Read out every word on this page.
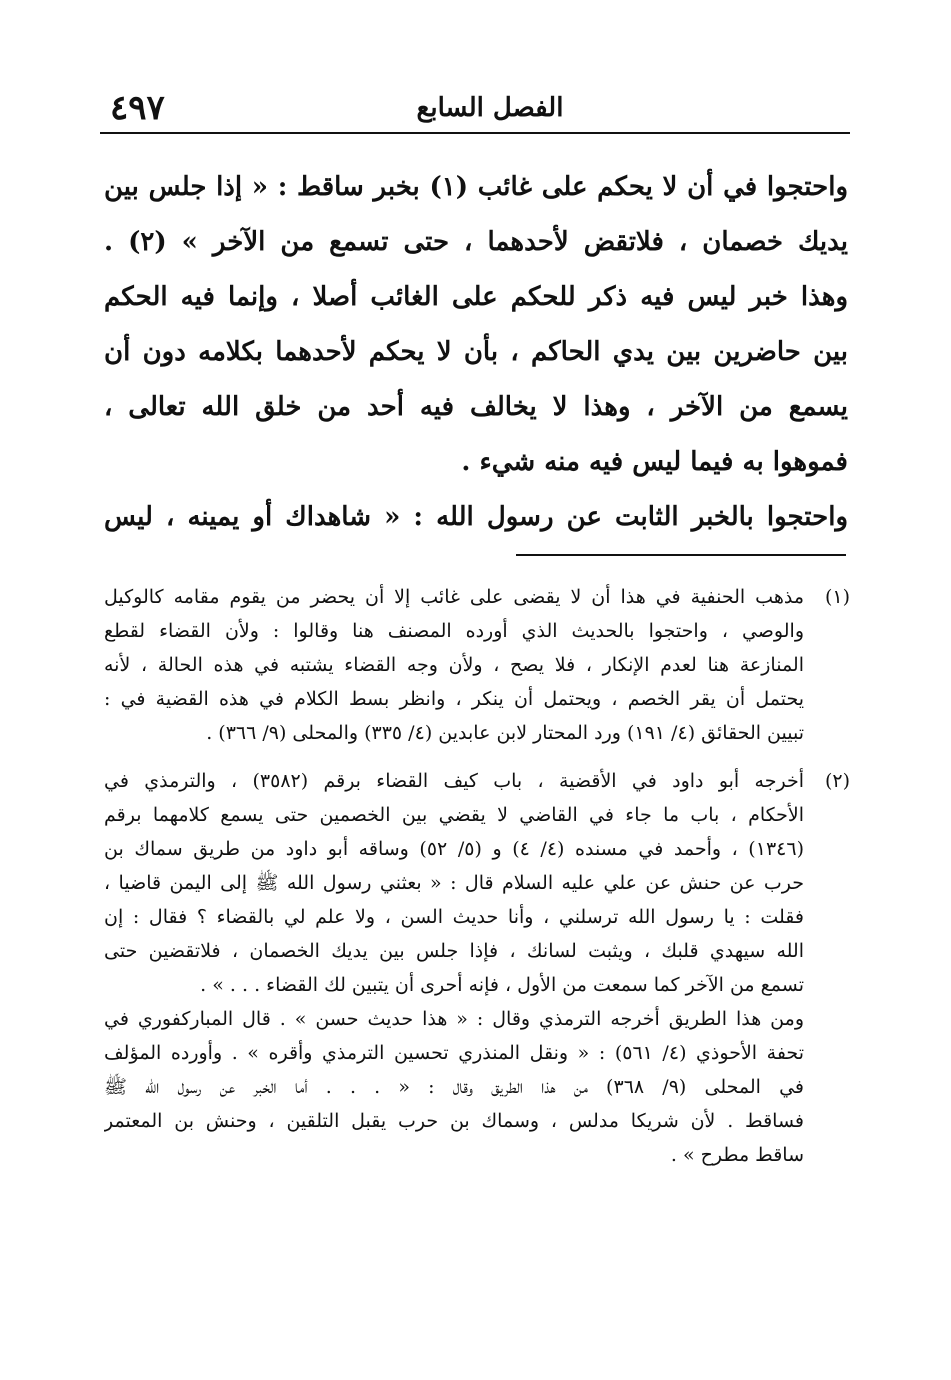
٤٩٧	الفصل السابع
واحتجوا في أن لا يحكم على غائب (١) بخبر ساقط : « إذا جلس بين
يديك خصمان ، فلاتقض لأحدهما ، حتى تسمع من الآخر » (٢) .
وهذا خبر ليس فيه ذكر للحكم على الغائب أصلا ، وإنما فيه الحكم
بين حاضرين بين يدي الحاكم ، بأن لا يحكم لأحدهما بكلامه دون أن
يسمع من الآخر ، وهذا لا يخالف فيه أحد من خلق الله تعالى ،
فموهوا به فيما ليس فيه منه شيء .
واحتجوا بالخبر الثابت عن رسول الله : « شاهداك أو يمينه ، ليس
(١)
مذهب الحنفية في هذا أن لا يقضى على غائب إلا أن يحضر من يقوم مقامه كالوكيل
والوصي ، واحتجوا بالحديث الذي أورده المصنف هنا وقالوا : ولأن القضاء لقطع
المنازعة هنا لعدم الإنكار ، فلا يصح ، ولأن وجه القضاء يشتبه في هذه الحالة ، لأنه
يحتمل أن يقر الخصم ، ويحتمل أن ينكر ، وانظر بسط الكلام في هذه القضية في :
تبيين الحقائق (٤/ ١٩١) ورد المحتار لابن عابدين (٤/ ٣٣٥) والمحلى (٩/ ٣٦٦) .
(٢)
أخرجه أبو داود في الأقضية ، باب كيف القضاء برقم (٣٥٨٢) ، والترمذي في
الأحكام ، باب ما جاء في القاضي لا يقضي بين الخصمين حتى يسمع كلامهما برقم
(١٣٤٦) ، وأحمد في مسنده (٤/ ٤) و (٥/ ٥٢) وساقه أبو داود من طريق سماك بن
حرب عن حنش عن علي عليه السلام قال : « بعثني رسول الله ﷺ إلى اليمن قاضيا ،
فقلت : يا رسول الله ترسلني ، وأنا حديث السن ، ولا علم لي بالقضاء ؟ فقال : إن
الله سيهدي قلبك ، ويثبت لسانك ، فإذا جلس بين يديك الخصمان ، فلاتقضين حتى
تسمع من الآخر كما سمعت من الأول ، فإنه أحرى أن يتبين لك القضاء . . . » .
ومن هذا الطريق أخرجه الترمذي وقال : « هذا حديث حسن » . قال المباركفوري في
تحفة الأحوذي (٤/ ٥٦١) : « ونقل المنذري تحسين الترمذي وأقره » . وأورده المؤلف
في المحلى (٩/ ٣٦٨) من هذا الطريق وقال : « . . . أما الخبر عن رسول الله ﷺ
فساقط . لأن شريكا مدلس ، وسماك بن حرب يقبل التلقين ، وحنش بن المعتمر
ساقط مطرح » .
